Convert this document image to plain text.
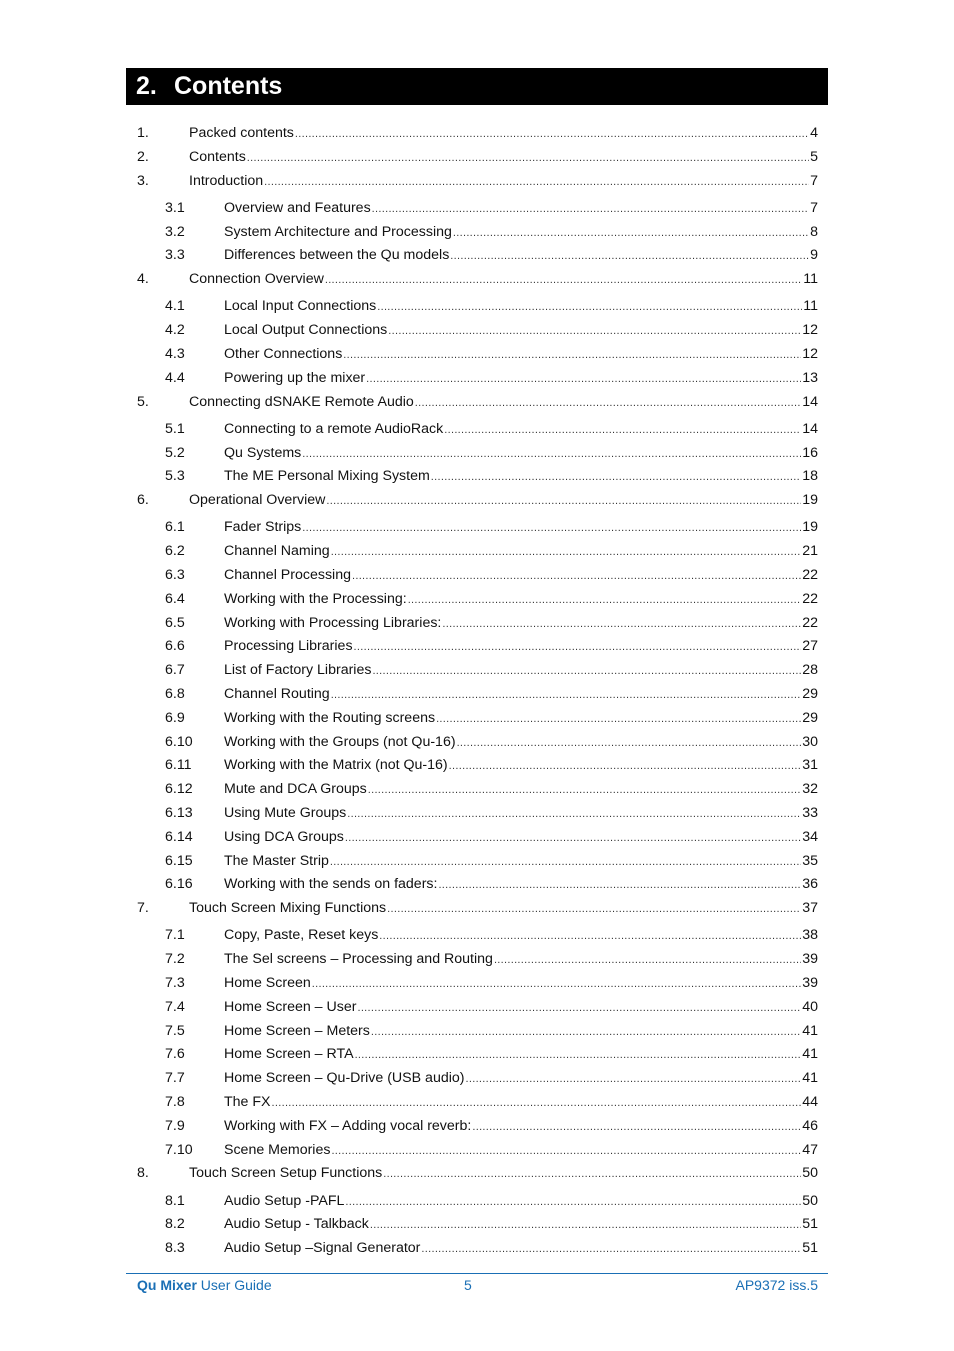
2. Contents
1.	Packed contents .....	4
2.	Contents .....	5
3.	Introduction .....	7
3.1	Overview and Features .....	7
3.2	System Architecture and Processing .....	8
3.3	Differences between the Qu models .....	9
4.	Connection Overview .....	11
4.1	Local Input Connections .....	11
4.2	Local Output Connections .....	12
4.3	Other Connections .....	12
4.4	Powering up the mixer .....	13
5.	Connecting dSNAKE Remote Audio .....	14
5.1	Connecting to a remote AudioRack .....	14
5.2	Qu Systems .....	16
5.3	The ME Personal Mixing System .....	18
6.	Operational Overview .....	19
6.1	Fader Strips .....	19
6.2	Channel Naming .....	21
6.3	Channel Processing .....	22
6.4	Working with the Processing: .....	22
6.5	Working with Processing Libraries: .....	22
6.6	Processing Libraries .....	27
6.7	List of Factory Libraries .....	28
6.8	Channel Routing .....	29
6.9	Working with the Routing screens .....	29
6.10 Working with the Groups (not Qu-16) .....	30
6.11 Working with the Matrix (not Qu-16) .....	31
6.12 Mute and DCA Groups .....	32
6.13 Using Mute Groups .....	33
6.14 Using DCA Groups .....	34
6.15 The Master Strip .....	35
6.16 Working with the sends on faders: .....	36
7.	Touch Screen Mixing Functions .....	37
7.1	Copy, Paste, Reset keys .....	38
7.2	The Sel screens – Processing and Routing .....	39
7.3	Home Screen .....	39
7.4	Home Screen – User .....	40
7.5	Home Screen – Meters .....	41
7.6	Home Screen – RTA .....	41
7.7	Home Screen – Qu-Drive (USB audio) .....	41
7.8	The FX .....	44
7.9	Working with FX – Adding vocal reverb: .....	46
7.10 Scene Memories .....	47
8.	Touch Screen Setup Functions .....	50
8.1	Audio Setup -PAFL .....	50
8.2	Audio Setup - Talkback .....	51
8.3	Audio Setup –Signal Generator .....	51
Qu Mixer User Guide	5	AP9372 iss.5
